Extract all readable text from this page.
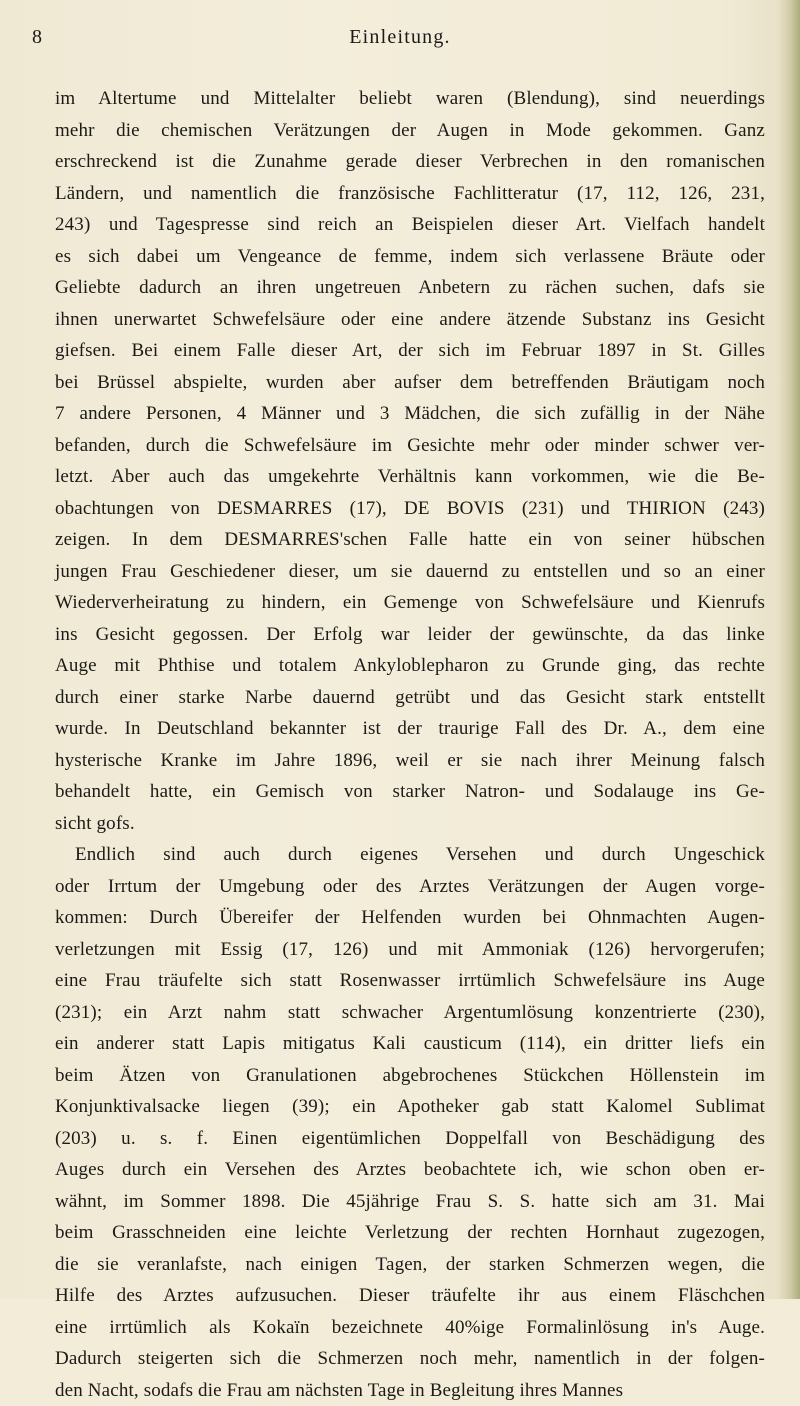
8	Einleitung.
im Altertume und Mittelalter beliebt waren (Blendung), sind neuerdings
mehr die chemischen Verätzungen der Augen in Mode gekommen. Ganz
erschreckend ist die Zunahme gerade dieser Verbrechen in den romanischen
Ländern, und namentlich die französische Fachlitteratur (17, 112, 126, 231,
243) und Tagespresse sind reich an Beispielen dieser Art. Vielfach handelt
es sich dabei um Vengeance de femme, indem sich verlassene Bräute oder
Geliebte dadurch an ihren ungetreuen Anbetern zu rächen suchen, dafs sie
ihnen unerwartet Schwefelsäure oder eine andere ätzende Substanz ins Gesicht
giefsen. Bei einem Falle dieser Art, der sich im Februar 1897 in St. Gilles
bei Brüssel abspielte, wurden aber aufser dem betreffenden Bräutigam noch
7 andere Personen, 4 Männer und 3 Mädchen, die sich zufällig in der Nähe
befanden, durch die Schwefelsäure im Gesichte mehr oder minder schwer ver-
letzt. Aber auch das umgekehrte Verhältnis kann vorkommen, wie die Be-
obachtungen von DESMARRES (17), DE BOVIS (231) und THIRION (243)
zeigen. In dem DESMARRES'schen Falle hatte ein von seiner hübschen
jungen Frau Geschiedener dieser, um sie dauernd zu entstellen und so an einer
Wiederverheiratung zu hindern, ein Gemenge von Schwefelsäure und Kienrufs
ins Gesicht gegossen. Der Erfolg war leider der gewünschte, da das linke
Auge mit Phthise und totalem Ankyloblepharon zu Grunde ging, das rechte
durch einer starke Narbe dauernd getrübt und das Gesicht stark entstellt
wurde. In Deutschland bekannter ist der traurige Fall des Dr. A., dem eine
hysterische Kranke im Jahre 1896, weil er sie nach ihrer Meinung falsch
behandelt hatte, ein Gemisch von starker Natron- und Sodalauge ins Ge-
sicht gofs.
Endlich sind auch durch eigenes Versehen und durch Ungeschick
oder Irrtum der Umgebung oder des Arztes Verätzungen der Augen vorge-
kommen: Durch Übereifer der Helfenden wurden bei Ohnmachten Augen-
verletzungen mit Essig (17, 126) und mit Ammoniak (126) hervorgerufen;
eine Frau träufelte sich statt Rosenwasser irrtümlich Schwefelsäure ins Auge
(231); ein Arzt nahm statt schwacher Argentumlösung konzentrierte (230),
ein anderer statt Lapis mitigatus Kali causticum (114), ein dritter liefs ein
beim Ätzen von Granulationen abgebrochenes Stückchen Höllenstein im
Konjunktivalsacke liegen (39); ein Apotheker gab statt Kalomel Sublimat
(203) u. s. f. Einen eigentümlichen Doppelfall von Beschädigung des
Auges durch ein Versehen des Arztes beobachtete ich, wie schon oben er-
wähnt, im Sommer 1898. Die 45jährige Frau S. S. hatte sich am 31. Mai
beim Grasschneiden eine leichte Verletzung der rechten Hornhaut zugezogen,
die sie veranlafste, nach einigen Tagen, der starken Schmerzen wegen, die
Hilfe des Arztes aufzusuchen. Dieser träufelte ihr aus einem Fläschchen
eine irrtümlich als Kokaïn bezeichnete 40%ige Formalinlösung in's Auge.
Dadurch steigerten sich die Schmerzen noch mehr, namentlich in der folgen-
den Nacht, sodafs die Frau am nächsten Tage in Begleitung ihres Mannes
